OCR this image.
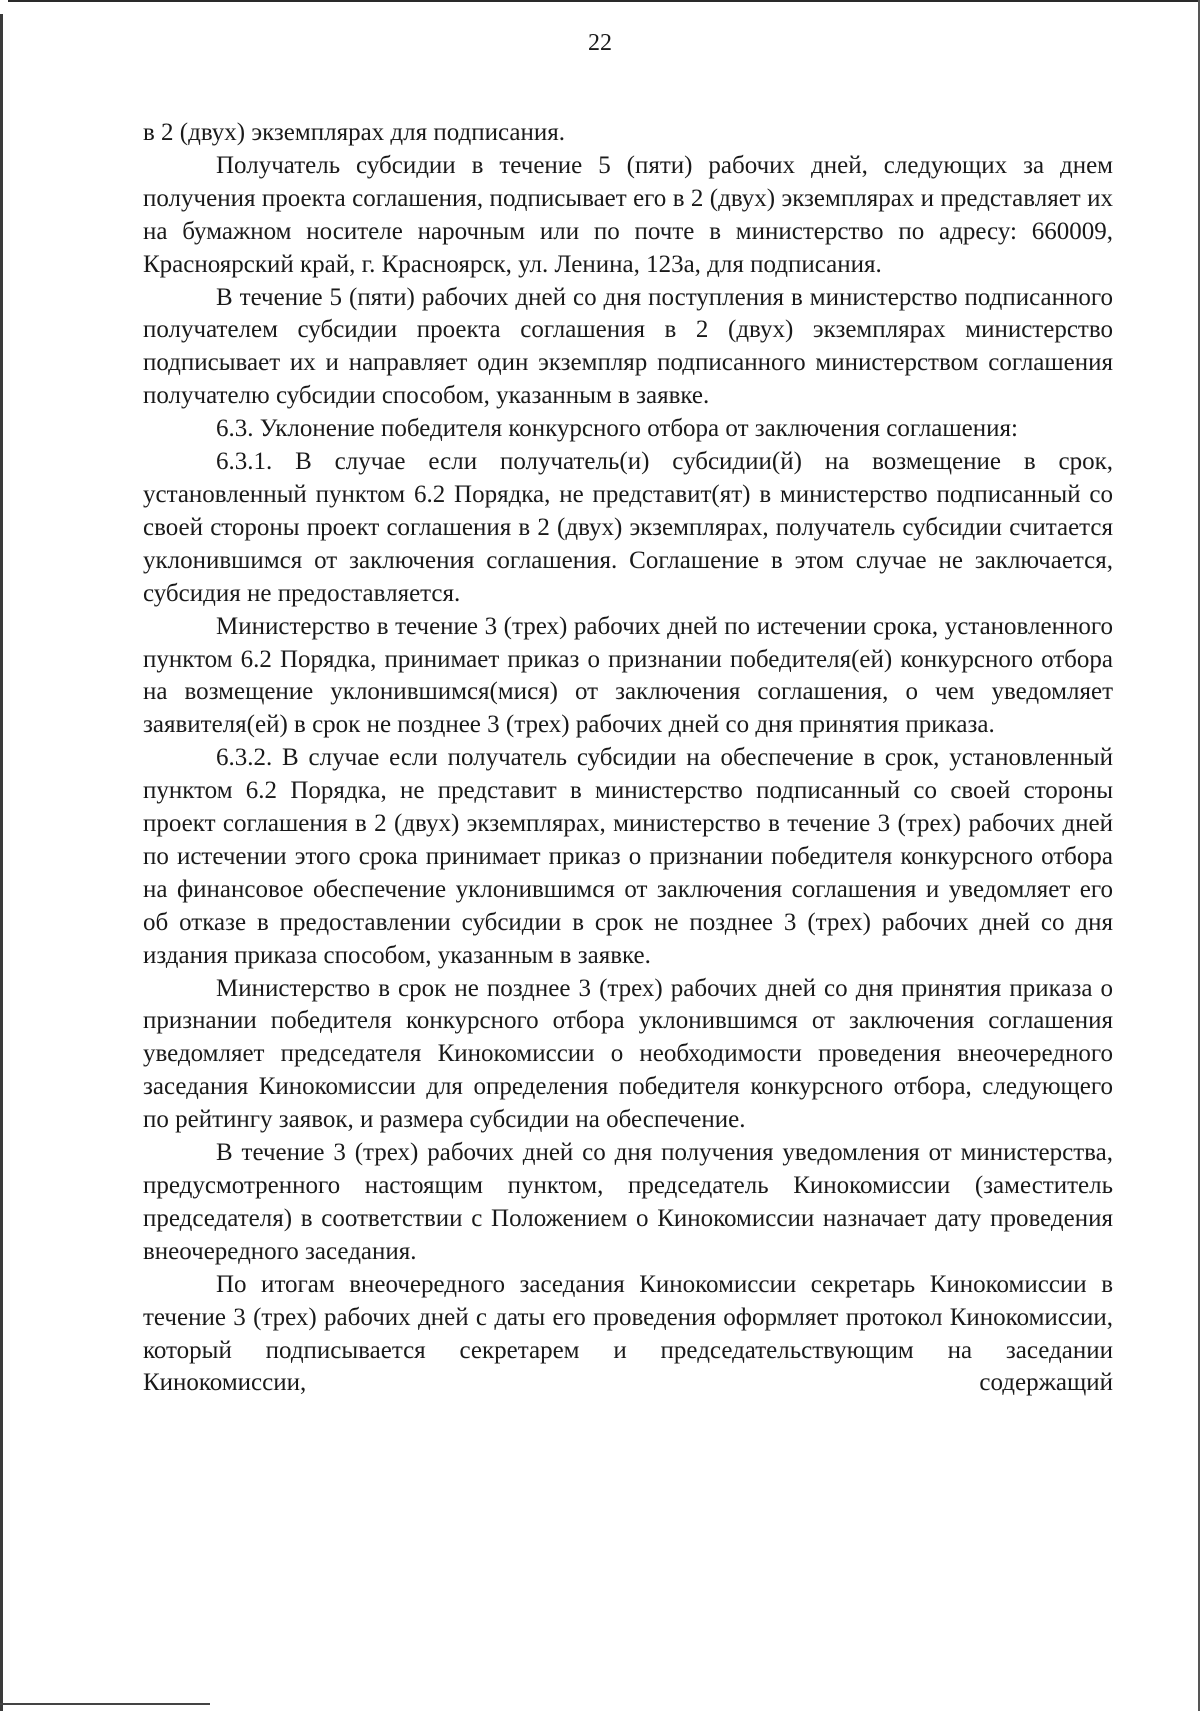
22

в 2 (двух) экземплярах для подписания.

Получатель субсидии в течение 5 (пяти) рабочих дней, следующих за днем получения проекта соглашения, подписывает его в 2 (двух) экземплярах и представляет их на бумажном носителе нарочным или по почте в министерство по адресу: 660009, Красноярский край, г. Красноярск, ул. Ленина, 123а, для подписания.

В течение 5 (пяти) рабочих дней со дня поступления в министерство подписанного получателем субсидии проекта соглашения в 2 (двух) экземплярах министерство подписывает их и направляет один экземпляр подписанного министерством соглашения получателю субсидии способом, указанным в заявке.

6.3. Уклонение победителя конкурсного отбора от заключения соглашения:

6.3.1. В случае если получатель(и) субсидии(й) на возмещение в срок, установленный пунктом 6.2 Порядка, не представит(ят) в министерство подписанный со своей стороны проект соглашения в 2 (двух) экземплярах, получатель субсидии считается уклонившимся от заключения соглашения. Соглашение в этом случае не заключается, субсидия не предоставляется.

Министерство в течение 3 (трех) рабочих дней по истечении срока, установленного пунктом 6.2 Порядка, принимает приказ о признании победителя(ей) конкурсного отбора на возмещение уклонившимся(мися) от заключения соглашения, о чем уведомляет заявителя(ей) в срок не позднее 3 (трех) рабочих дней со дня принятия приказа.

6.3.2. В случае если получатель субсидии на обеспечение в срок, установленный пунктом 6.2 Порядка, не представит в министерство подписанный со своей стороны проект соглашения в 2 (двух) экземплярах, министерство в течение 3 (трех) рабочих дней по истечении этого срока принимает приказ о признании победителя конкурсного отбора на финансовое обеспечение уклонившимся от заключения соглашения и уведомляет его об отказе в предоставлении субсидии в срок не позднее 3 (трех) рабочих дней со дня издания приказа способом, указанным в заявке.

Министерство в срок не позднее 3 (трех) рабочих дней со дня принятия приказа о признании победителя конкурсного отбора уклонившимся от заключения соглашения уведомляет председателя Кинокомиссии о необходимости проведения внеочередного заседания Кинокомиссии для определения победителя конкурсного отбора, следующего по рейтингу заявок, и размера субсидии на обеспечение.

В течение 3 (трех) рабочих дней со дня получения уведомления от министерства, предусмотренного настоящим пунктом, председатель Кинокомиссии (заместитель председателя) в соответствии с Положением о Кинокомиссии назначает дату проведения внеочередного заседания.

По итогам внеочередного заседания Кинокомиссии секретарь Кинокомиссии в течение 3 (трех) рабочих дней с даты его проведения оформляет протокол Кинокомиссии, который подписывается секретарем и председательствующим на заседании Кинокомиссии, содержащий
